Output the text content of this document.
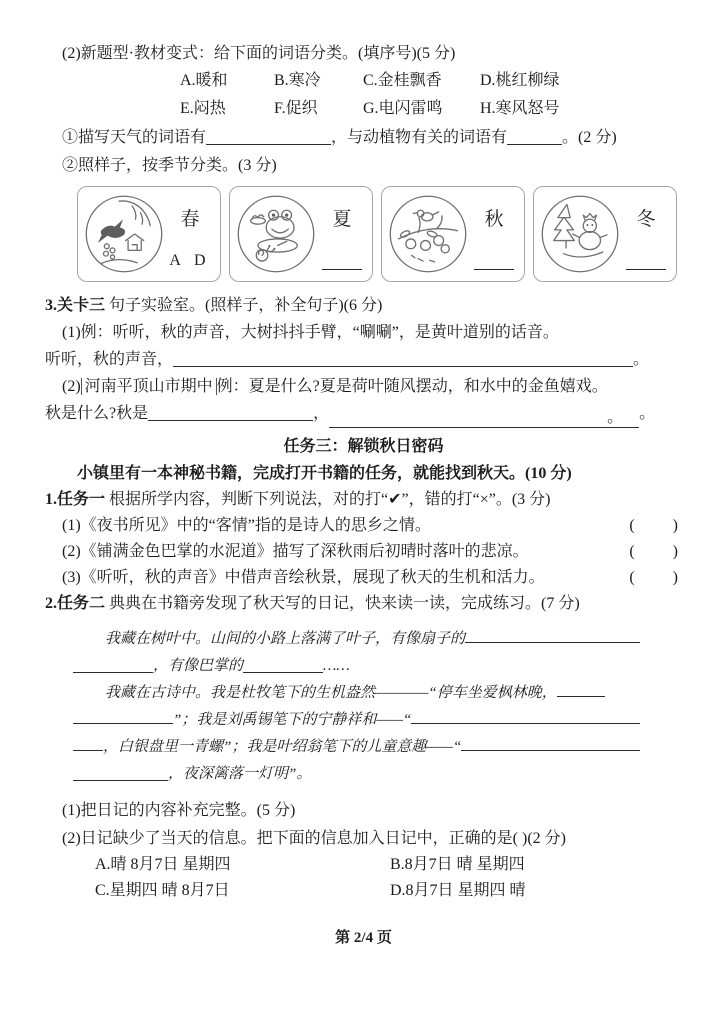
(2)新题型·教材变式：给下面的词语分类。(填序号)(5 分)
A.暖和	B.寒冷	C.金桂飘香 D.桃红柳绿
E.闷热	F.促织	G.电闪雷鸣 H.寒风怒号
①描写天气的词语有	，与动植物有关的词语有	。(2 分)
②照样子，按季节分类。(3 分)
春
A D
夏	秋	冬
3.关卡三 句子实验室。(照样子，补全句子)(6 分)
(1)例：听听，秋的声音，大树抖抖手臂，“唰唰”，是黄叶道别的话音。
听听，秋的声音，	。
(2) 河南平顶山市期中 例：夏是什么?夏是荷叶随风摆动，和水中的金鱼嬉戏。
秋是什么?秋是	，	。 。
任务三：解锁秋日密码
小镇里有一本神秘书籍，完成打开书籍的任务，就能找到秋天。(10 分)
1.任务一 根据所学内容，判断下列说法，对的打“✔”，错的打“×”。(3 分)
(1)《夜书所见》中的“客情”指的是诗人的思乡之情。	(　　)
(2)《铺满金色巴掌的水泥道》描写了深秋雨后初晴时落叶的悲凉。	(　　)
(3)《听听，秋的声音》中借声音绘秋景，展现了秋天的生机和活力。	(　　)
2.任务二 典典在书籍旁发现了秋天写的日记，快来读一读，完成练习。(7 分)
我藏在树叶中。山间的小路上落满了叶子，有像扇子的
，有像巴掌的	……
我藏在古诗中。我是杜牧笔下的生机盎然————“停车坐爱枫林晚，
”；我是刘禹锡笔下的宁静祥和——“
，白银盘里一青螺”；我是叶绍翁笔下的儿童意趣——“
，夜深篱落一灯明”。
(1)把日记的内容补充完整。(5 分)
(2)日记缺少了当天的信息。把下面的信息加入日记中，正确的是( )(2 分)
A.晴 8月7日 星期四	B.8月7日 晴 星期四
C.星期四 晴 8月7日	D.8月7日 星期四 晴
第 2/4 页
